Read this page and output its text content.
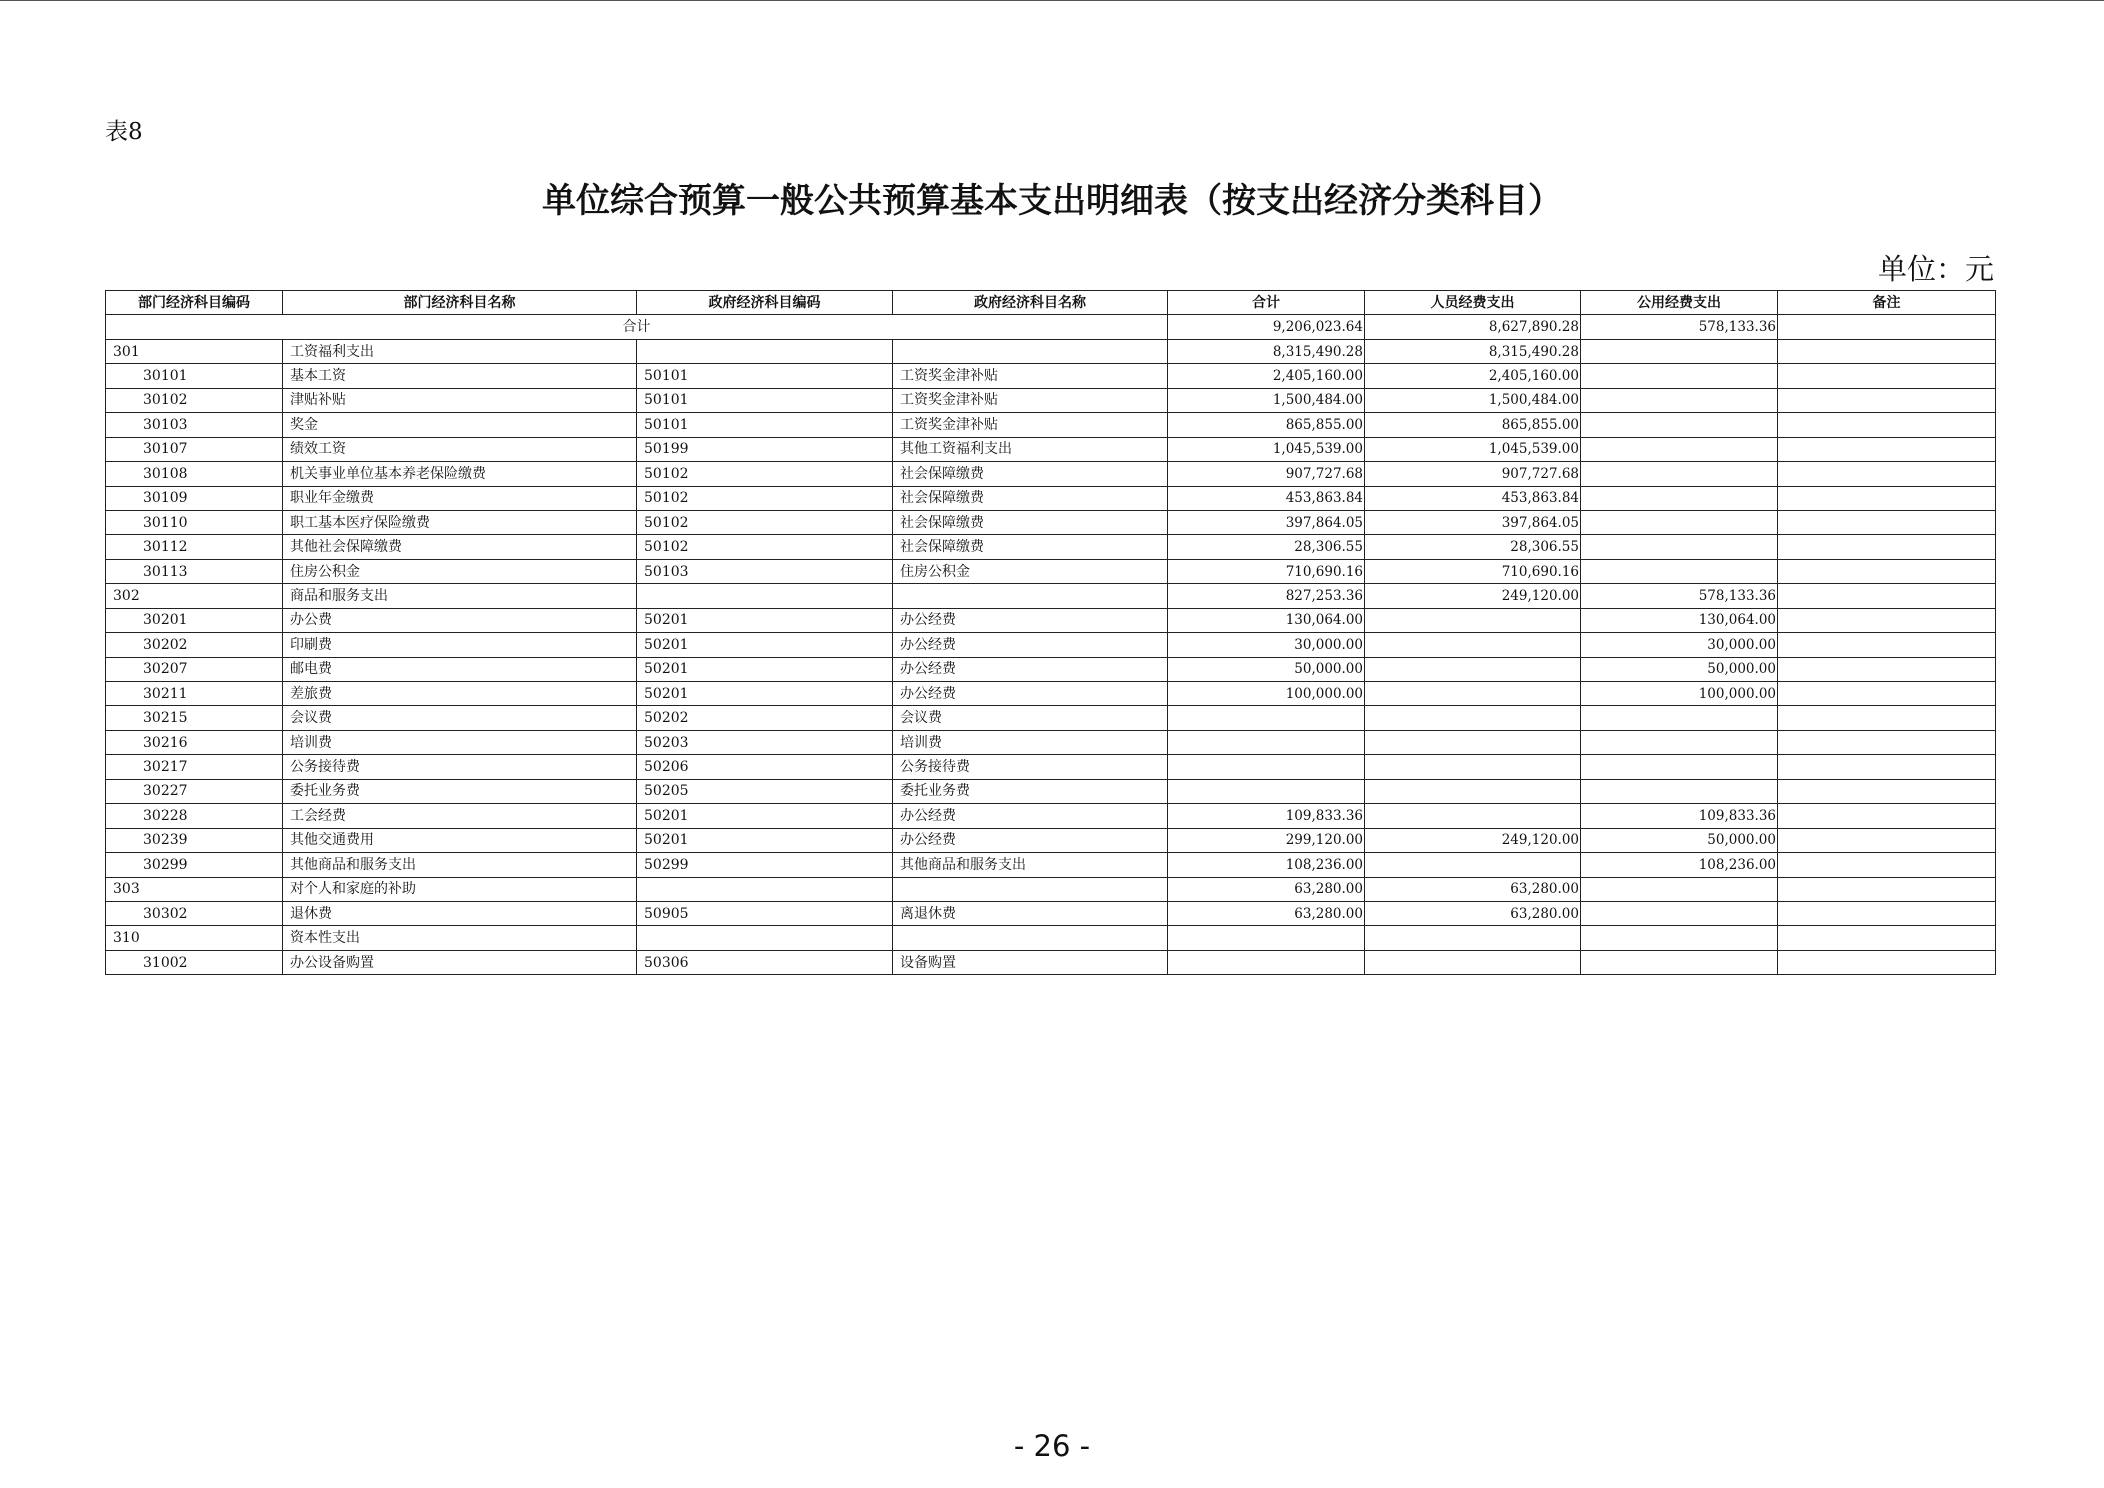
表8
单位综合预算一般公共预算基本支出明细表（按支出经济分类科目）
单位：元
部门经济科目编码	部门经济科目名称	政府经济科目编码	政府经济科目名称	合计	人员经费支出	公用经费支出	备注
合计				9,206,023.64	8,627,890.28	578,133.36	
301	工资福利支出			8,315,490.28	8,315,490.28		
30101	基本工资	50101	工资奖金津补贴	2,405,160.00	2,405,160.00		
30102	津贴补贴	50101	工资奖金津补贴	1,500,484.00	1,500,484.00		
30103	奖金	50101	工资奖金津补贴	865,855.00	865,855.00		
30107	绩效工资	50199	其他工资福利支出	1,045,539.00	1,045,539.00		
30108	机关事业单位基本养老保险缴费	50102	社会保障缴费	907,727.68	907,727.68		
30109	职业年金缴费	50102	社会保障缴费	453,863.84	453,863.84		
30110	职工基本医疗保险缴费	50102	社会保障缴费	397,864.05	397,864.05		
30112	其他社会保障缴费	50102	社会保障缴费	28,306.55	28,306.55		
30113	住房公积金	50103	住房公积金	710,690.16	710,690.16		
302	商品和服务支出			827,253.36	249,120.00	578,133.36	
30201	办公费	50201	办公经费	130,064.00		130,064.00	
30202	印刷费	50201	办公经费	30,000.00		30,000.00	
30207	邮电费	50201	办公经费	50,000.00		50,000.00	
30211	差旅费	50201	办公经费	100,000.00		100,000.00	
30215	会议费	50202	会议费				
30216	培训费	50203	培训费				
30217	公务接待费	50206	公务接待费				
30227	委托业务费	50205	委托业务费				
30228	工会经费	50201	办公经费	109,833.36		109,833.36	
30239	其他交通费用	50201	办公经费	299,120.00	249,120.00	50,000.00	
30299	其他商品和服务支出	50299	其他商品和服务支出	108,236.00		108,236.00	
303	对个人和家庭的补助			63,280.00	63,280.00		
30302	退休费	50905	离退休费	63,280.00	63,280.00		
310	资本性支出						
31002	办公设备购置	50306	设备购置				
- 26 -
